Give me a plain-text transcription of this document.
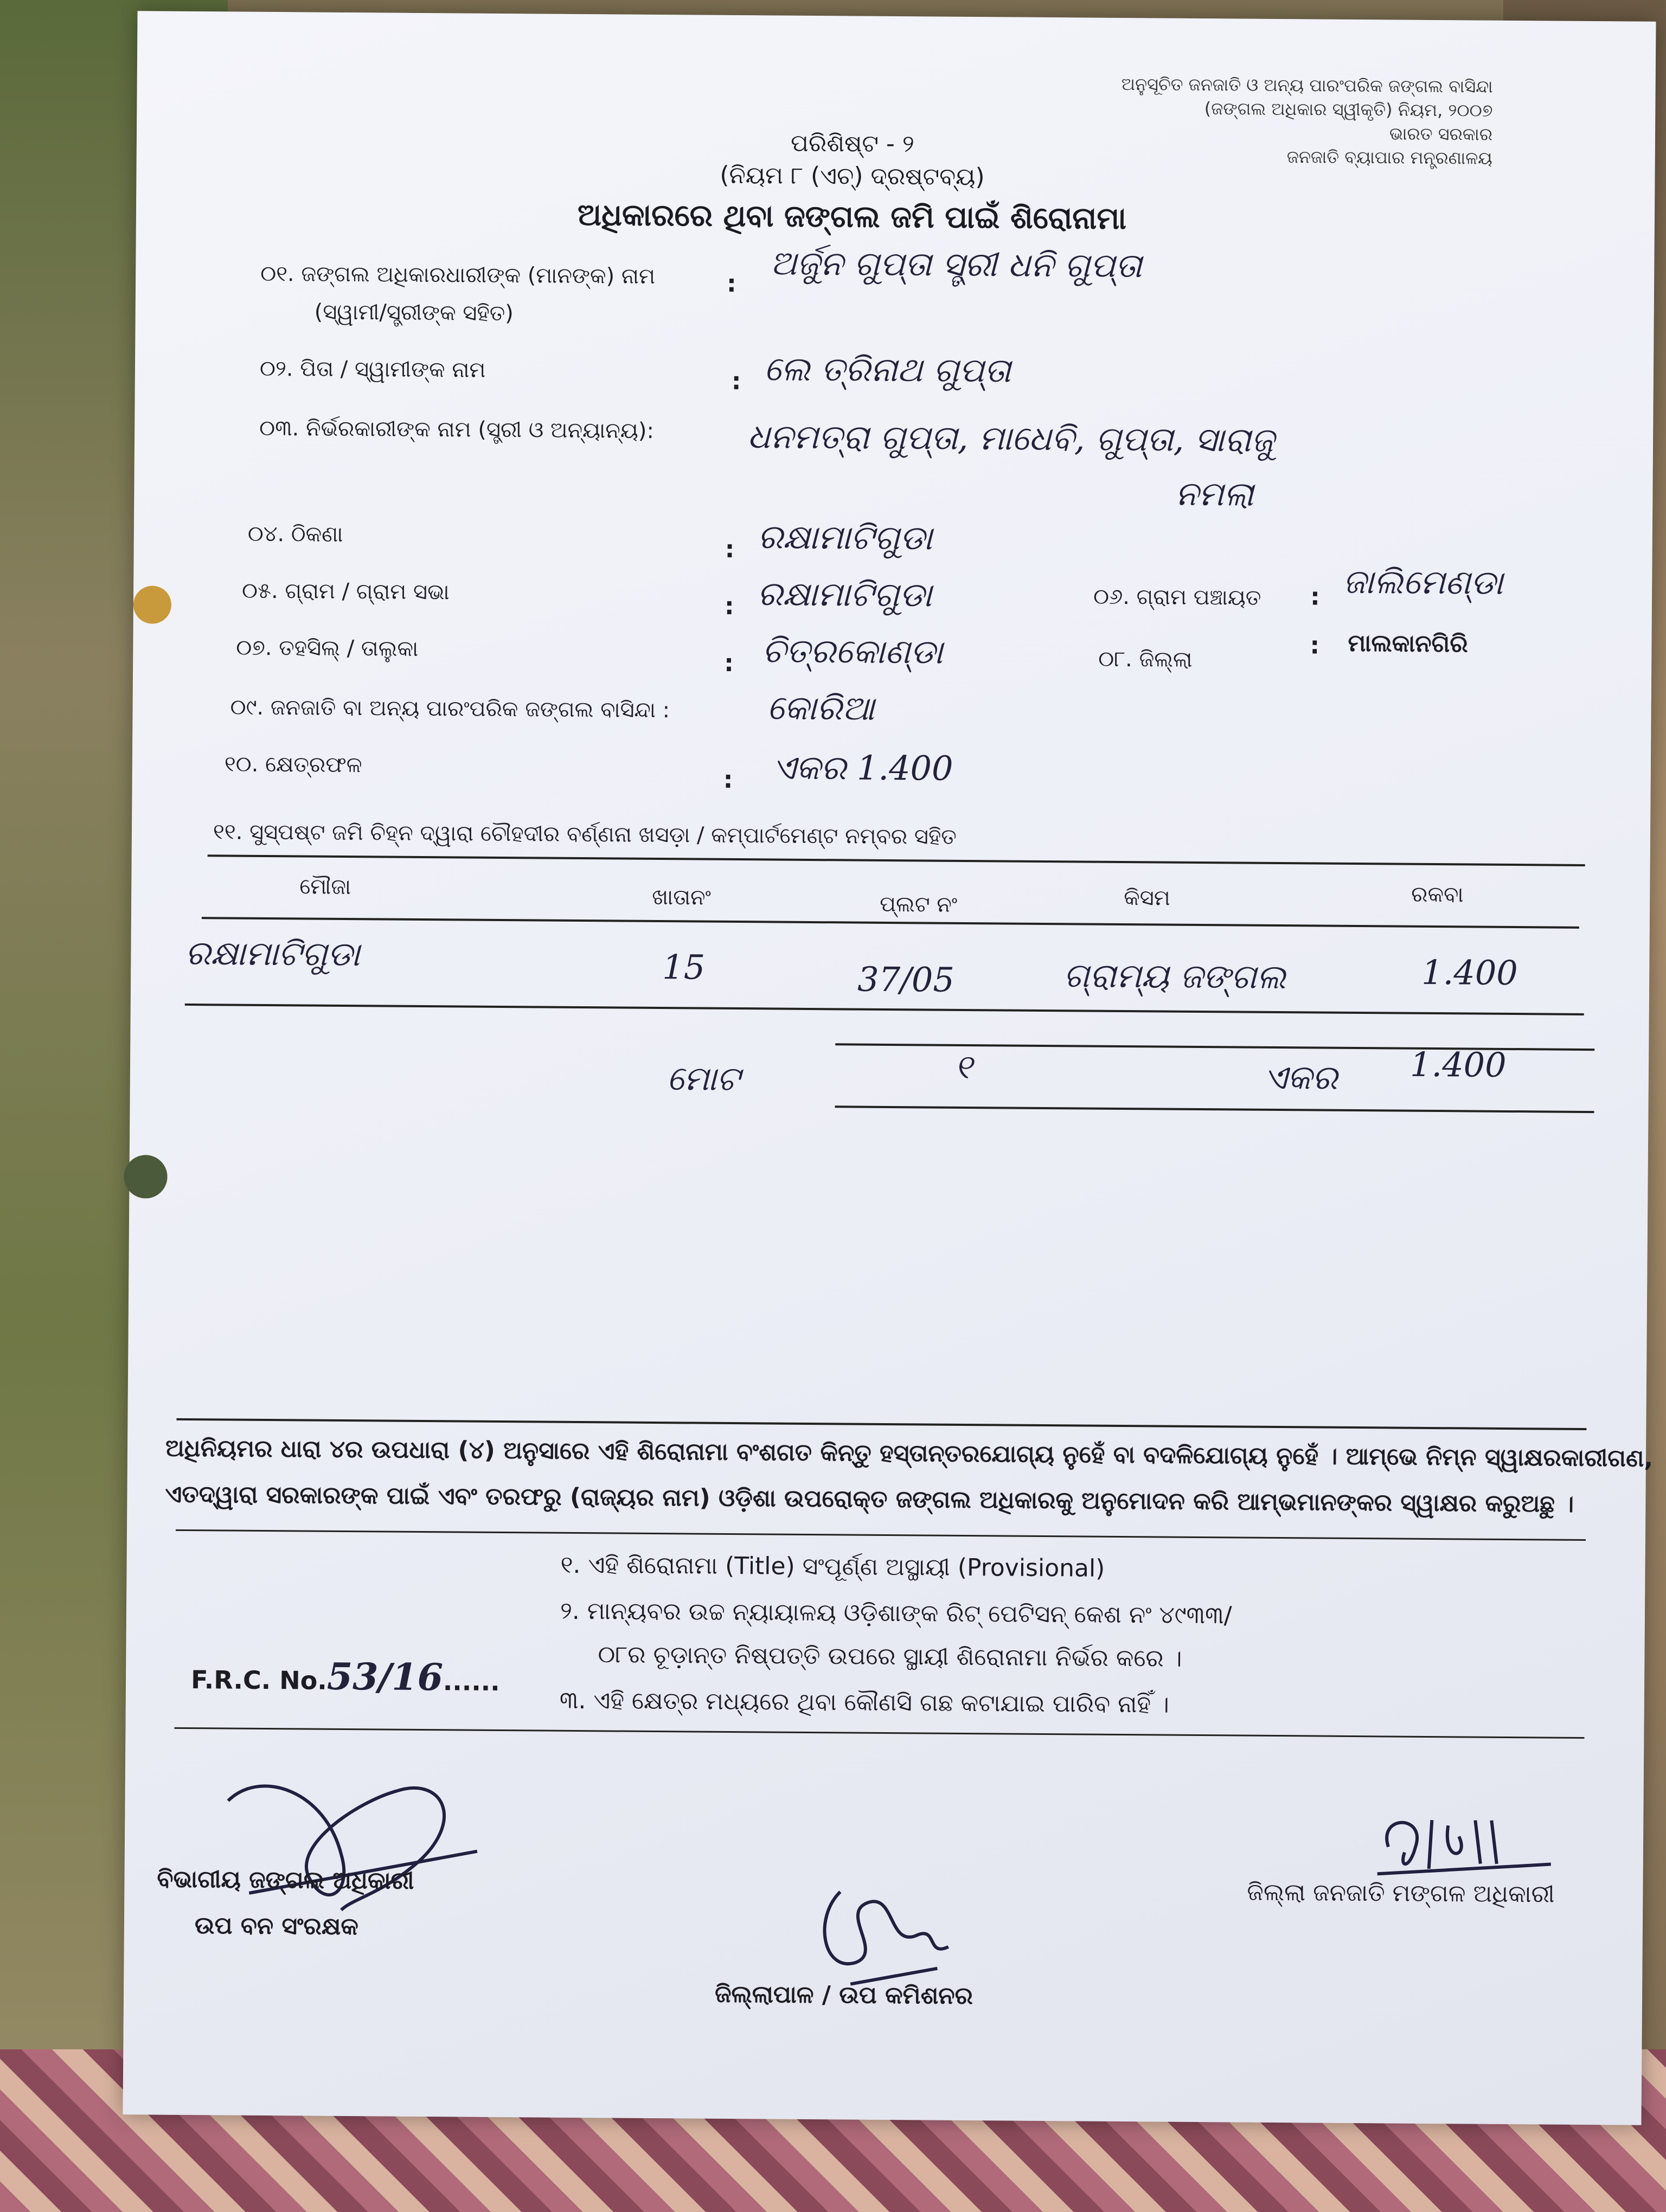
ଅନୁସୂଚିତ ଜନଜାତି ଓ ଅନ୍ୟ ପାରଂପରିକ ଜଙ୍ଗଲ ବାସିନ୍ଦା
(ଜଙ୍ଗଲ ଅଧିକାର ସ୍ୱୀକୃତି) ନିୟମ, ୨୦୦୭
ଭାରତ ସରକାର
ଜନଜାତି ବ୍ୟାପାର ମନ୍ତ୍ରଣାଳୟ
ପରିଶିଷ୍ଟ - ୨
(ନିୟମ ୮ (ଏଚ୍) ଦ୍ରଷ୍ଟବ୍ୟ)
ଅଧିକାରରେ ଥିବା ଜଙ୍ଗଲ ଜମି ପାଇଁ ଶିରୋନାମା
୦୧. ଜଙ୍ଗଲ ଅଧିକାରଧାରୀଙ୍କ (ମାନଙ୍କ) ନାମ
(ସ୍ୱାମୀ/ସ୍ତ୍ରୀଙ୍କ ସହିତ)
: ଅର୍ଜୁନ ଗୁପ୍ତା ସ୍ତ୍ରୀ ଧନି ଗୁପ୍ତା
୦୨. ପିତା / ସ୍ୱାମୀଙ୍କ ନାମ	: ଲେ ତ୍ରିନାଥ ଗୁପ୍ତା
୦୩. ନିର୍ଭରକାରୀଙ୍କ ନାମ (ସ୍ତ୍ରୀ ଓ ଅନ୍ୟାନ୍ୟ):	ଧନମତ୍ରା ଗୁପ୍ତା, ମାଧେବି, ଗୁପ୍ତା, ସାରାଜୁ
ନମଲା
୦୪. ଠିକଣା
: ରକ୍ଷାମାଟିଗୁଡା
୦୫. ଗ୍ରାମ / ଗ୍ରାମ ସଭା
: ରକ୍ଷାମାଟିଗୁଡା	୦୬. ଗ୍ରାମ ପଞ୍ଚାୟତ : ଜାଲିମେଣ୍ଡା
୦୭. ତହସିଲ୍ / ତାଲୁକା
: ଚିତ୍ରକୋଣ୍ଡା	୦୮. ଜିଲ୍ଲା	: ମାଲକାନଗିରି
୦୯. ଜନଜାତି ବା ଅନ୍ୟ ପାରଂପରିକ ଜଙ୍ଗଲ ବାସିନ୍ଦା :	କୋରିଆ
୧୦. କ୍ଷେତ୍ରଫଳ
: ଏକର 1.400
୧୧. ସୁସ୍ପଷ୍ଟ ଜମି ଚିହ୍ନ ଦ୍ୱାରା ଚୌହଦୀର ବର୍ଣ୍ଣନା ଖସଡ଼ା / କମ୍ପାର୍ଟମେଣ୍ଟ ନମ୍ବର ସହିତ
ମୌଜା	ଖାତାନଂ	ପ୍ଲଟ ନଂ	କିସମ	ରକବା
ରକ୍ଷାମାଟିଗୁଡା	15	37/05	ଗ୍ରାମ୍ୟ ଜଙ୍ଗଲ	1.400
ମୋଟ	୧	ଏକର 1.400
ଅଧିନିୟମର ଧାରା ୪ର ଉପଧାରା (୪) ଅନୁସାରେ ଏହି ଶିରୋନାମା ବଂଶଗତ କିନ୍ତୁ ହସ୍ତାନ୍ତରଯୋଗ୍ୟ ନୁହେଁ ବା ବଦଳିଯୋଗ୍ୟ ନୁହେଁ । ଆମ୍ଭେ ନିମ୍ନ ସ୍ୱାକ୍ଷରକାରୀଗଣ,
ଏତଦ୍ୱାରା ସରକାରଙ୍କ ପାଇଁ ଏବଂ ତରଫରୁ (ରାଜ୍ୟର ନାମ) ଓଡ଼ିଶା ଉପରୋକ୍ତ ଜଙ୍ଗଲ ଅଧିକାରକୁ ଅନୁମୋଦନ କରି ଆମ୍ଭମାନଙ୍କର ସ୍ୱାକ୍ଷର କରୁଅଛୁ ।
୧. ଏହି ଶିରୋନାମା (Title) ସଂପୂର୍ଣ୍ଣ ଅସ୍ଥାୟୀ (Provisional)
୨. ମାନ୍ୟବର ଉଚ୍ଚ ନ୍ୟାୟାଳୟ ଓଡ଼ିଶାଙ୍କ ରିଟ୍ ପେଟିସନ୍ କେଶ ନଂ ୪୯୩୩/
୦୮ର ଚୂଡ଼ାନ୍ତ ନିଷ୍ପତ୍ତି ଉପରେ ସ୍ଥାୟୀ ଶିରୋନାମା ନିର୍ଭର କରେ ।
୩. ଏହି କ୍ଷେତ୍ର ମଧ୍ୟରେ ଥିବା କୌଣସି ଗଛ କଟାଯାଇ ପାରିବ ନାହିଁ ।
F.R.C. No.53/16......
ବିଭାଗୀୟ ଜଙ୍ଗଲ ଅଧିକାରୀ
ଉପ ବନ ସଂରକ୍ଷକ
ଜିଲ୍ଲାପାଳ / ଉପ କମିଶନର
ଜିଲ୍ଲା ଜନଜାତି ମଙ୍ଗଳ ଅଧିକାରୀ
